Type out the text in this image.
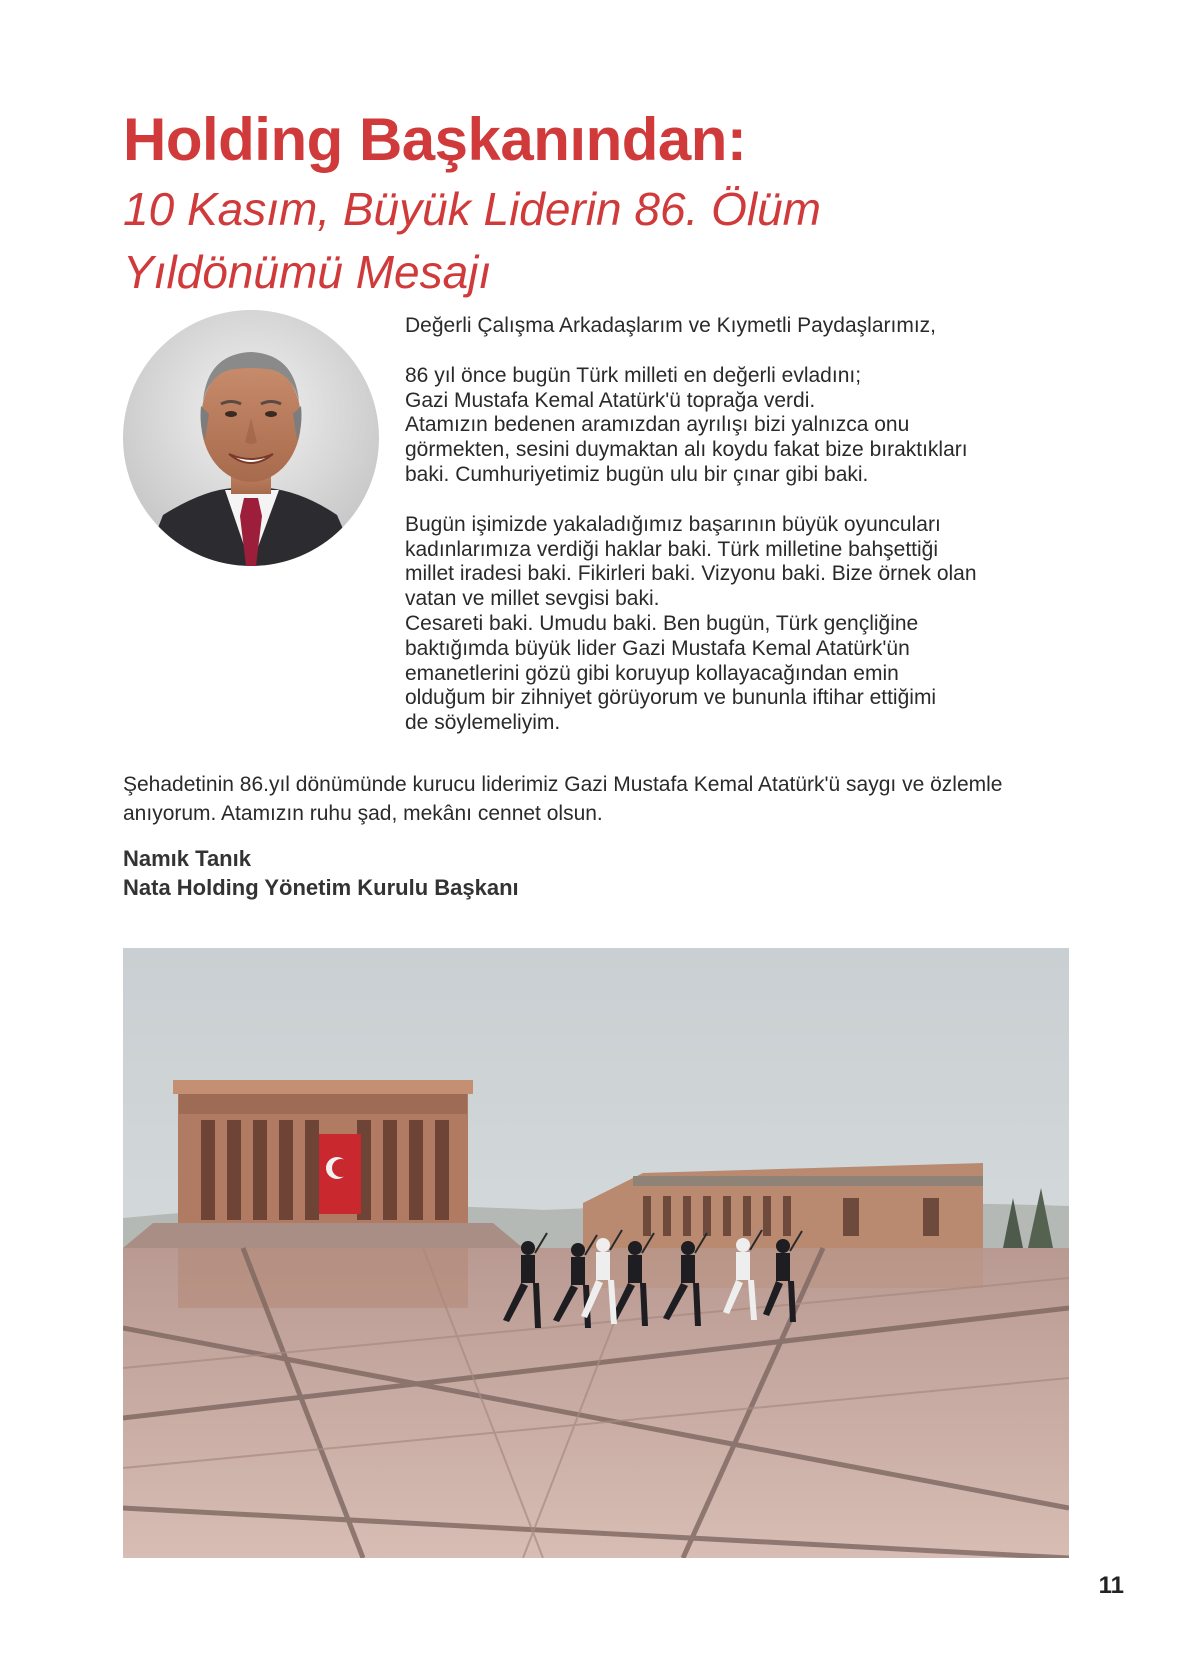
Holding Başkanından:
10 Kasım, Büyük Liderin 86. Ölüm
Yıldönümü Mesajı

Değerli Çalışma Arkadaşlarım ve Kıymetli Paydaşlarımız,

86 yıl önce bugün Türk milleti en değerli evladını;

Gazi Mustafa Kemal Atatürk'ü toprağa verdi.

Atamızın bedenen aramızdan ayrılışı bizi yalnızca onu

görmekten, sesini duymaktan alı koydu fakat bize bıraktıkları

baki. Cumhuriyetimiz bugün ulu bir çınar gibi baki.

Bugün işimizde yakaladığımız başarının büyük oyuncuları

kadınlarımıza verdiği haklar baki. Türk milletine bahşettiği

millet iradesi baki. Fikirleri baki. Vizyonu baki. Bize örnek olan

vatan ve millet sevgisi baki.

Cesareti baki. Umudu baki. Ben bugün, Türk gençliğine

baktığımda büyük lider Gazi Mustafa Kemal Atatürk'ün

emanetlerini gözü gibi koruyup kollayacağından emin

olduğum bir zihniyet görüyorum ve bununla iftihar ettiğimi

de söylemeliyim.

Şehadetinin 86.yıl dönümünde kurucu liderimiz Gazi Mustafa Kemal Atatürk'ü saygı ve özlemle anıyorum. Atamızın ruhu şad, mekânı cennet olsun.

Namık Tanık
Nata Holding Yönetim Kurulu Başkanı
11
